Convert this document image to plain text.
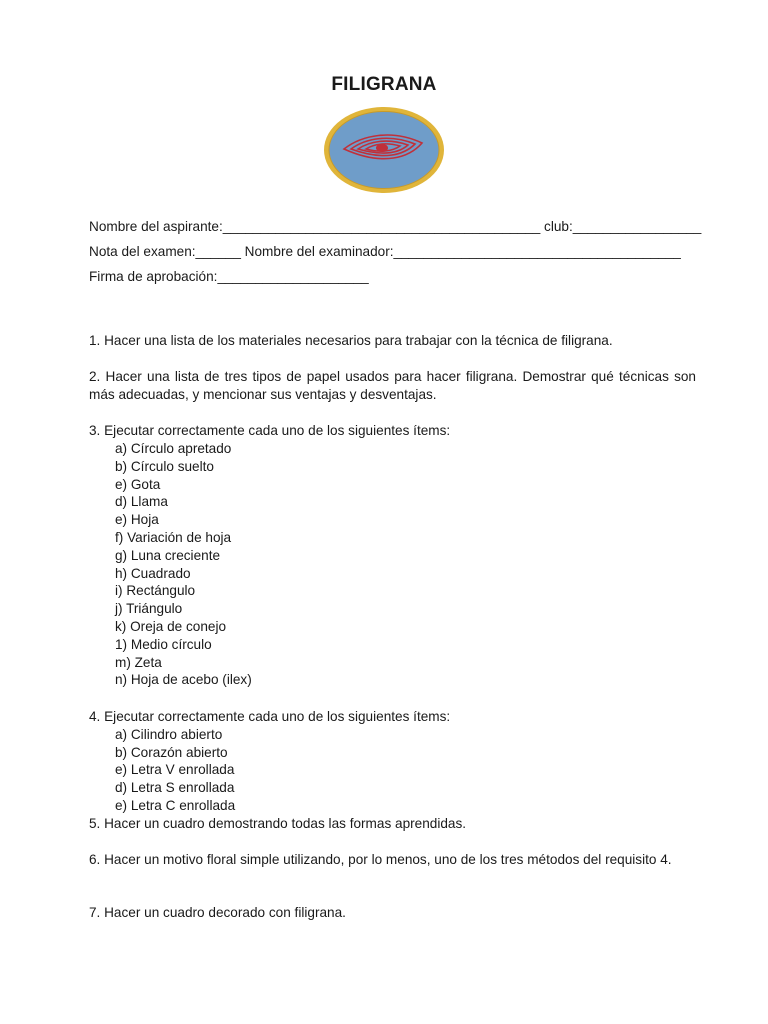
FILIGRANA
Nombre del aspirante:__________________________________________ club:_________________
Nota del examen:______ Nombre del examinador:______________________________________
Firma de aprobación:____________________
1. Hacer una lista de los materiales necesarios para trabajar con la técnica de filigrana.
2. Hacer una lista de tres tipos de papel usados para hacer filigrana. Demostrar qué técnicas son más adecuadas, y mencionar sus ventajas y desventajas.
3. Ejecutar correctamente cada uno de los siguientes ítems:
a) Círculo apretado
b) Círculo suelto
e) Gota
d) Llama
e) Hoja
f) Variación de hoja
g) Luna creciente
h) Cuadrado
i) Rectángulo
j) Triángulo
k) Oreja de conejo
1) Medio círculo
m) Zeta
n) Hoja de acebo (ilex)
4. Ejecutar correctamente cada uno de los siguientes ítems:
a) Cilindro abierto
b) Corazón abierto
e) Letra V enrollada
d) Letra S enrollada
e) Letra C enrollada
5. Hacer un cuadro demostrando todas las formas aprendidas.
6. Hacer un motivo floral simple utilizando, por lo menos, uno de los tres métodos del requisito 4.
7. Hacer un cuadro decorado con filigrana.
